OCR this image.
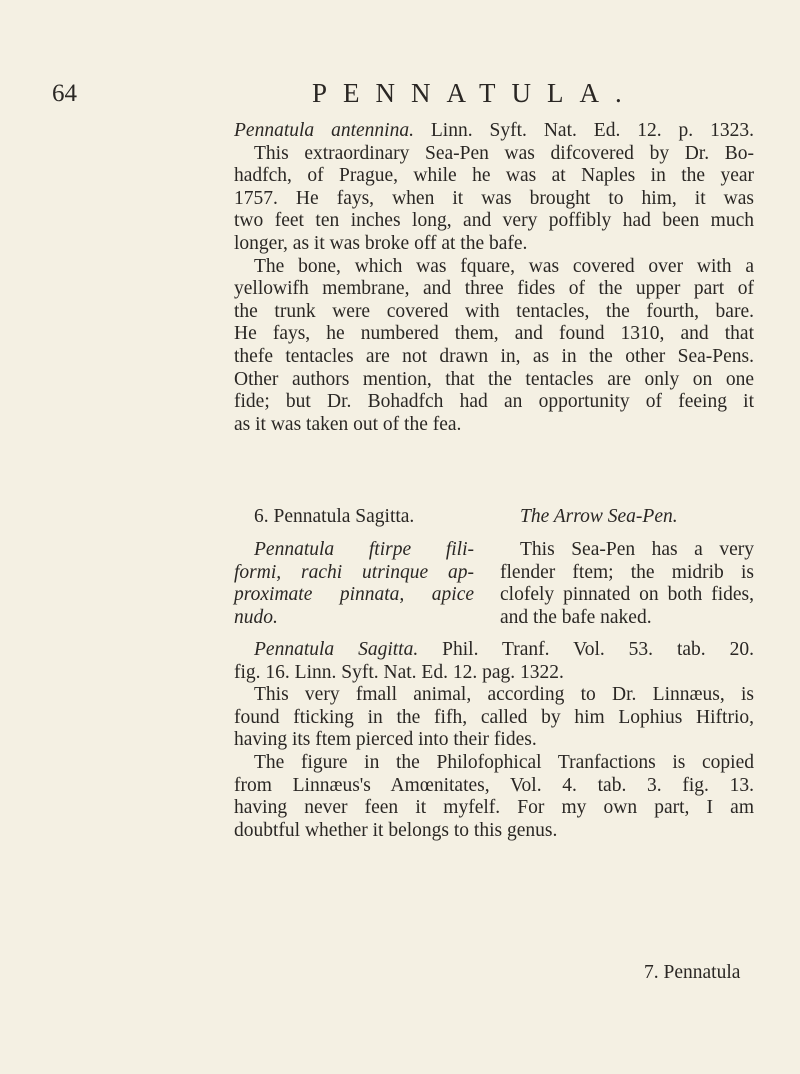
64	PENNATULA.

Pennatula antennina. Linn. Syft. Nat. Ed. 12. p. 1323.

This extraordinary Sea-Pen was difcovered by Dr. Bo-

hadfch, of Prague, while he was at Naples in the year

1757. He fays, when it was brought to him, it was

two feet ten inches long, and very poffibly had been much

longer, as it was broke off at the bafe.

The bone, which was fquare, was covered over with a

yellowifh membrane, and three fides of the upper part of

the trunk were covered with tentacles, the fourth, bare.

He fays, he numbered them, and found 1310, and that

thefe tentacles are not drawn in, as in the other Sea-Pens.

Other authors mention, that the tentacles are only on one

fide; but Dr. Bohadfch had an opportunity of feeing it

as it was taken out of the fea.

6. Pennatula Sagitta.	The Arrow Sea-Pen.

Pennatula ftirpe fili-

formi, rachi utrinque ap-

proximate pinnata, apice

nudo.

This Sea-Pen has a very

flender ftem; the midrib is

clofely pinnated on both fides,

and the bafe naked.

Pennatula Sagitta. Phil. Tranf. Vol. 53. tab. 20.

fig. 16. Linn. Syft. Nat. Ed. 12. pag. 1322.

This very fmall animal, according to Dr. Linnæus, is

found fticking in the fifh, called by him Lophius Hiftrio,

having its ftem pierced into their fides.

The figure in the Philofophical Tranfactions is copied

from Linnæus's Amœnitates, Vol. 4. tab. 3. fig. 13.

having never feen it myfelf. For my own part, I am

doubtful whether it belongs to this genus.

7. Pennatula
